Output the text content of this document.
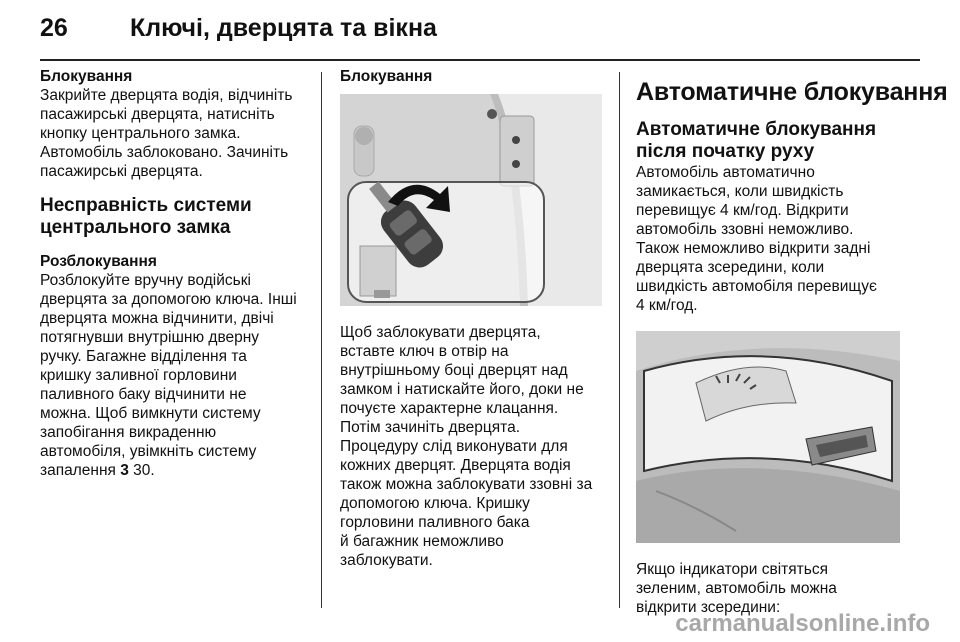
26 Ключі, дверцята та вікна
Блокування
Закрийте дверцята водія, відчиніть
пасажирські дверцята, натисніть
кнопку центрального замка.
Автомобіль заблоковано. Зачиніть
пасажирські дверцята.
Несправність системи
центрального замка
Розблокування
Розблокуйте вручну водійські
дверцята за допомогою ключа. Інші
дверцята можна відчинити, двічі
потягнувши внутрішню дверну
ручку. Багажне відділення та
кришку заливної горловини
паливного баку відчинити не
можна. Щоб вимкнути систему
запобігання викраденню
автомобіля, увімкніть систему
запалення 3 30.
Блокування
Щоб заблокувати дверцята,
вставте ключ в отвір на
внутрішньому боці дверцят над
замком і натискайте його, доки не
почуєте характерне клацання.
Потім зачиніть дверцята.
Процедуру слід виконувати для
кожних дверцят. Дверцята водія
також можна заблокувати ззовні за
допомогою ключа. Кришку
горловини паливного бака
й багажник неможливо
заблокувати.
Автоматичне блокування
Автоматичне блокування
після початку руху
Автомобіль автоматично
замикається, коли швидкість
перевищує 4 км/год. Відкрити
автомобіль ззовні неможливо.
Також неможливо відкрити задні
дверцята зсередини, коли
швидкість автомобіля перевищує
4 км/год.
Якщо індикатори світяться
зеленим, автомобіль можна
відкрити зсередини:
carmanualsonline.info
